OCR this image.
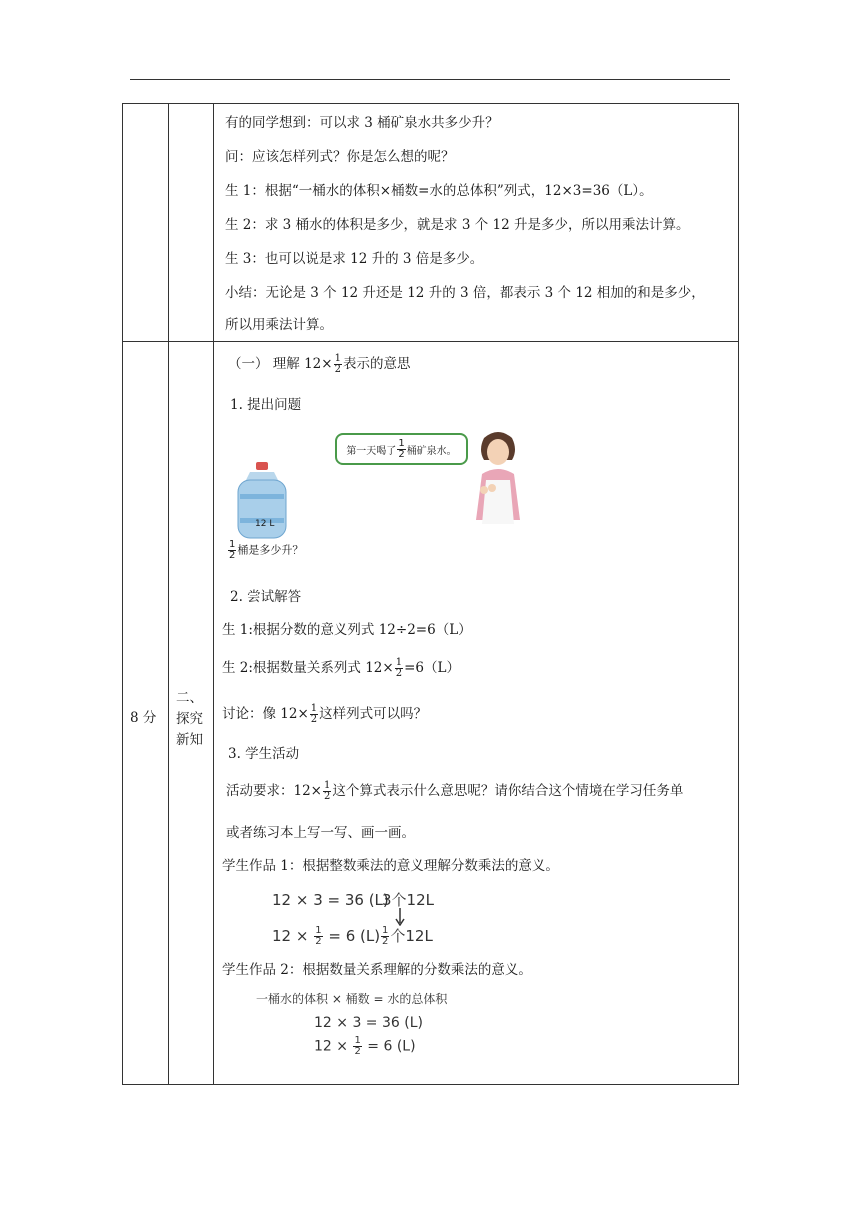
有的同学想到：可以求 3 桶矿泉水共多少升？
问：应该怎样列式？你是怎么想的呢？
生 1：根据“一桶水的体积×桶数=水的总体积”列式，12×3=36（L）。
生 2：求 3 桶水的体积是多少，就是求 3 个 12 升是多少，所以用乘法计算。
生 3：也可以说是求 12 升的 3 倍是多少。
小结：无论是 3 个 12 升还是 12 升的 3 倍，都表示 3 个 12 相加的和是多少，
所以用乘法计算。
8 分
二、
探究
新知
（一） 理解 $12\times \frac{1}{2}$ 表示的意思
1. 提出问题
第一天喝了 $\frac{1}{2}$ 桶矿泉水。
12 L
$\frac{1}{2}$ 桶是多少升？
2. 尝试解答
生 1:根据分数的意义列式 12÷2=6（L）
生 2:根据数量关系列式 $12\times \frac{1}{2} =6(L)$
讨论：像 $12\times \frac{1}{2}$ 这样列式可以吗？
3. 学生活动
活动要求：$12\times \frac{1}{2}$ 这个算式表示什么意思呢？请你结合这个情境在学习任务单
或者练习本上写一写、画一画。
学生作品 1：根据整数乘法的意义理解分数乘法的意义。
12 × 3 = 36 (L)
3个12L
$12 \times \frac{1}{2} = 6$ $(L) \frac{1}{2}$ 个12L
学生作品 2：根据数量关系理解的分数乘法的意义。
一桶水的体积 × 桶数 = 水的总体积
12 × 3 = 36 (L)
$12 \times \frac{1}{2} = 6$ (L)
